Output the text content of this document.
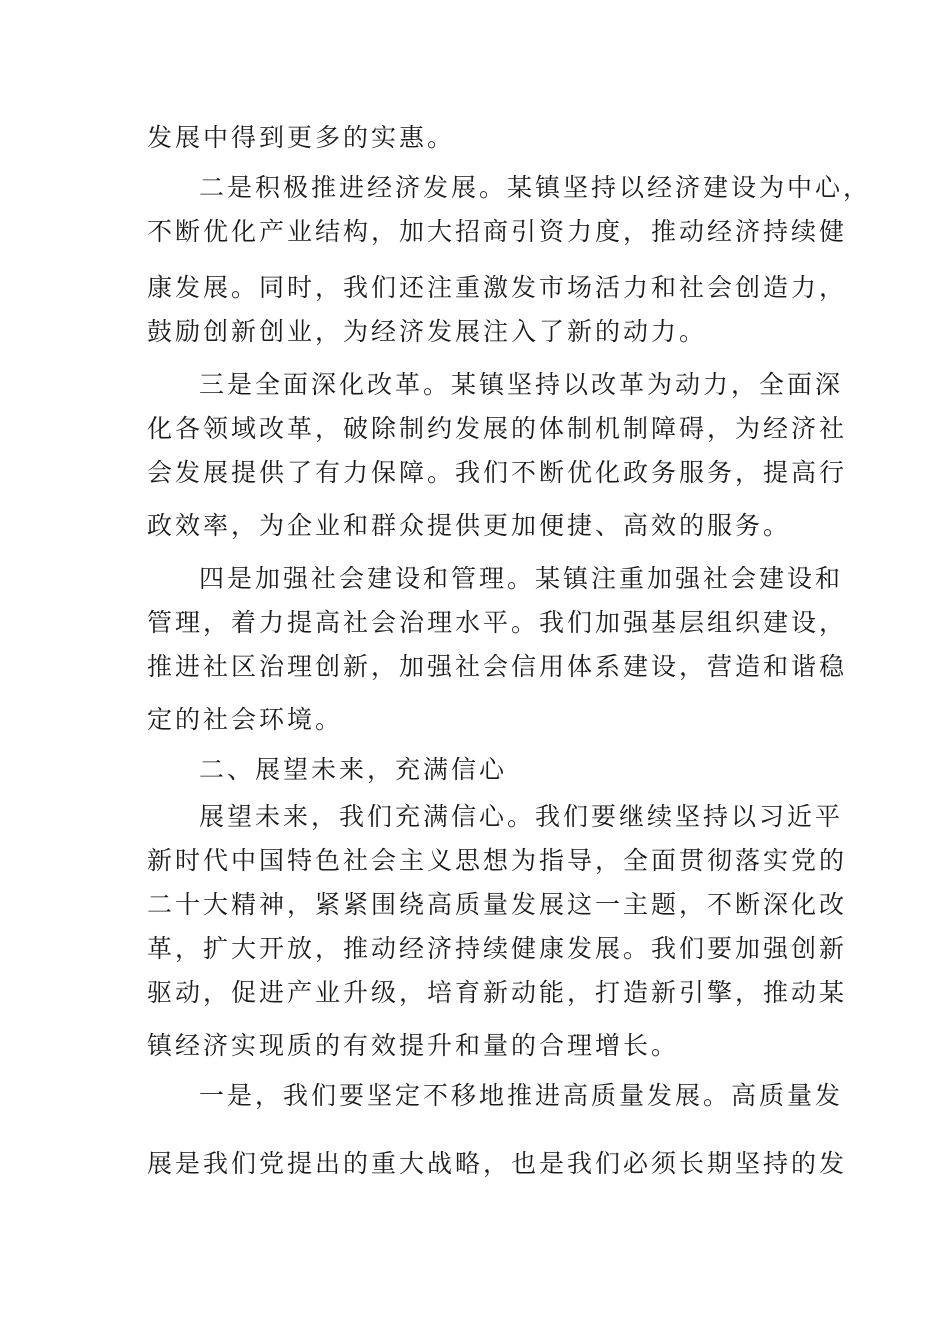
发展中得到更多的实惠。
二是积极推进经济发展。某镇坚持以经济建设为中心，
不断优化产业结构，加大招商引资力度，推动经济持续健
康发展。同时，我们还注重激发市场活力和社会创造力，
鼓励创新创业，为经济发展注入了新的动力。
三是全面深化改革。某镇坚持以改革为动力，全面深
化各领域改革，破除制约发展的体制机制障碍，为经济社
会发展提供了有力保障。我们不断优化政务服务，提高行
政效率，为企业和群众提供更加便捷、高效的服务。
四是加强社会建设和管理。某镇注重加强社会建设和
管理，着力提高社会治理水平。我们加强基层组织建设，
推进社区治理创新，加强社会信用体系建设，营造和谐稳
定的社会环境。
二、展望未来，充满信心
展望未来，我们充满信心。我们要继续坚持以习近平
新时代中国特色社会主义思想为指导，全面贯彻落实党的
二十大精神，紧紧围绕高质量发展这一主题，不断深化改
革，扩大开放，推动经济持续健康发展。我们要加强创新
驱动，促进产业升级，培育新动能，打造新引擎，推动某
镇经济实现质的有效提升和量的合理增长。
一是，我们要坚定不移地推进高质量发展。高质量发
展是我们党提出的重大战略，也是我们必须长期坚持的发
